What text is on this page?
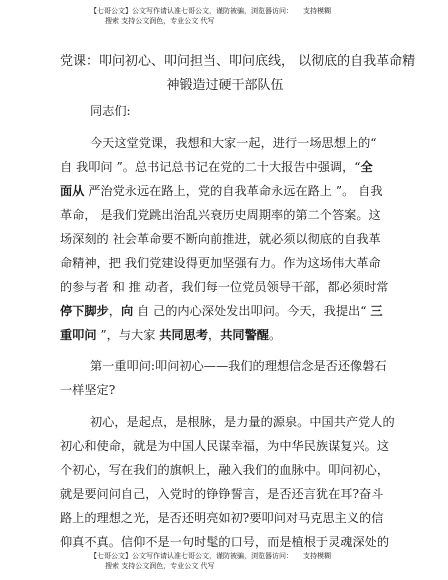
【七哥公文】公文写作请认准七哥公文，谨防被骗，浏览器访问： 支持模糊
搜索 支持公文润色，专业公文 代写
党课：叩问初心、叩问担当、叩问底线， 以彻底的自我革命精
神锻造过硬干部队伍
同志们:
今天这堂党课，我想和大家一起，进行一场思想上的“
自 我叩问 ”。总书记总书记在党的二十大报告中强调，“全
面从 严治党永远在路上，党的自我革命永远在路上 ”。 自我
革命， 是我们党跳出治乱兴衰历史周期率的第二个答案。这
场深刻的 社会革命要不断向前推进，就必须以彻底的自我革
命精神，把 我们党建设得更加坚强有力。作为这场伟大革命
的参与者 和 推 动者，我们每一位党员领导干部，都必须时常
停下脚步，向 自 己的内心深处发出叩问。今天，我提出“ 三
重叩问 ”，与大家 共同思考，共同警醒。
第一重叩问:叩问初心——我们的理想信念是否还像磐石
一样坚定?
初心，是起点，是根脉，是力量的源泉。中国共产党人的
初心和使命，就是为中国人民谋幸福，为中华民族谋复兴。这
个初心，写在我们的旗帜上，融入我们的血脉中。叩问初心，
就是要问问自己，入党时的铮铮誓言，是否还言犹在耳?奋斗
路上的理想之光，是否还明亮如初?要叩问对马克思主义的信
仰真不真。信仰不是一句时髦的口号，而是植根于灵魂深处的
【七哥公文】公文写作请认准七哥公文，谨防被骗，浏览器访问： 支持模糊
搜索 支持公文润色，专业公文 代写
